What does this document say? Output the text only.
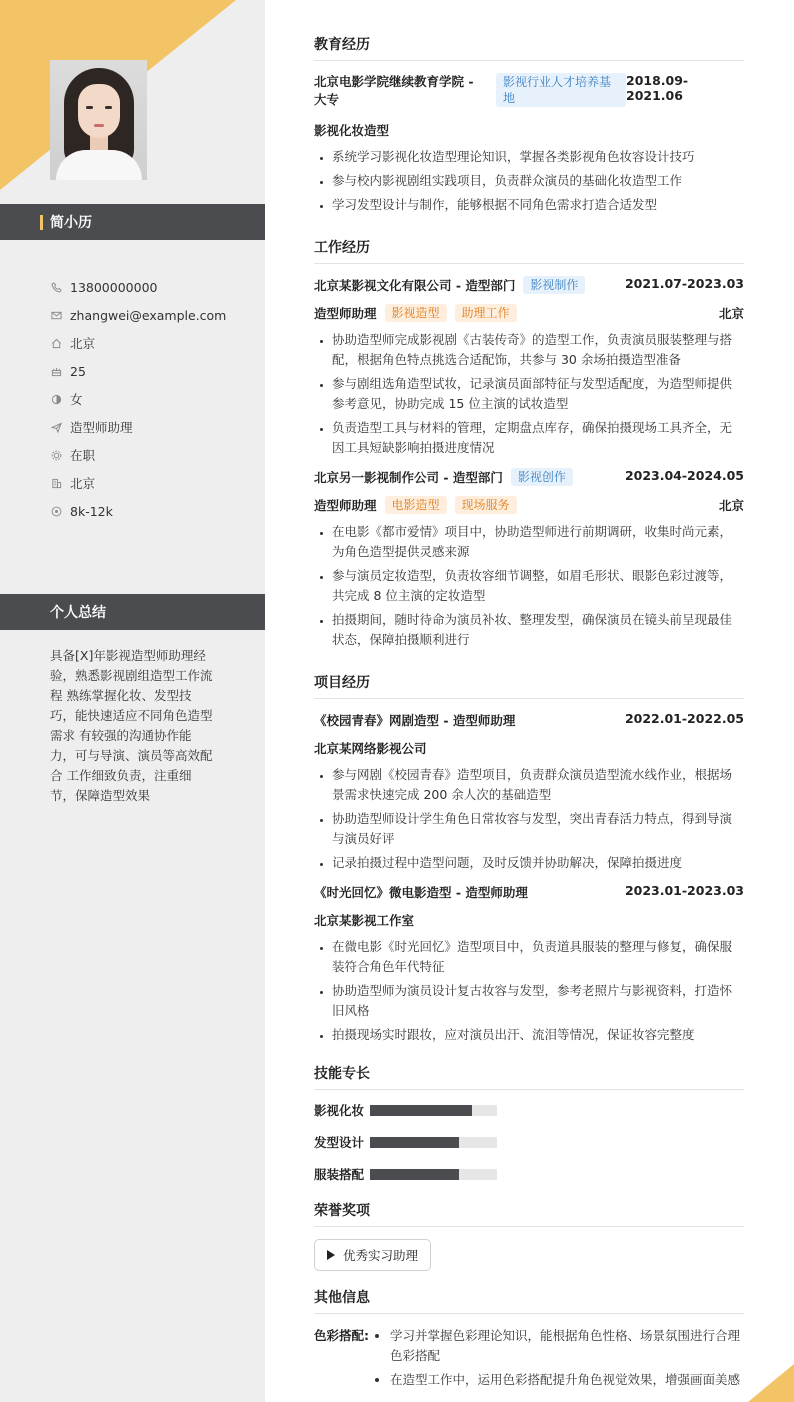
简小历
13800000000
zhangwei@example.com
北京
25
女
造型师助理
在职
北京
8k-12k
个人总结
具备[X]年影视造型师助理经验，熟悉影视剧组造型工作流程 熟练掌握化妆、发型技巧，能快速适应不同角色造型需求 有较强的沟通协作能力，可与导演、演员等高效配合 工作细致负责，注重细节，保障造型效果
教育经历
北京电影学院继续教育学院 - 大专
影视行业人才培养基地
2018.09-2021.06
影视化妆造型
• 系统学习影视化妆造型理论知识，掌握各类影视角色妆容设计技巧
• 参与校内影视剧组实践项目，负责群众演员的基础化妆造型工作
• 学习发型设计与制作，能够根据不同角色需求打造合适发型
工作经历
北京某影视文化有限公司 - 造型部门	影视制作	2021.07-2023.03
造型师助理	影视造型	助理工作	北京
• 协助造型师完成影视剧《古装传奇》的造型工作，负责演员服装整理与搭配，根据角色特点挑选合适配饰，共参与 30 余场拍摄造型准备
• 参与剧组选角造型试妆，记录演员面部特征与发型适配度，为造型师提供参考意见，协助完成 15 位主演的试妆造型
• 负责造型工具与材料的管理，定期盘点库存，确保拍摄现场工具齐全，无因工具短缺影响拍摄进度情况
北京另一影视制作公司 - 造型部门	影视创作	2023.04-2024.05
造型师助理	电影造型	现场服务	北京
• 在电影《都市爱情》项目中，协助造型师进行前期调研，收集时尚元素，为角色造型提供灵感来源
• 参与演员定妆造型，负责妆容细节调整，如眉毛形状、眼影色彩过渡等，共完成 8 位主演的定妆造型
• 拍摄期间，随时待命为演员补妆、整理发型，确保演员在镜头前呈现最佳状态，保障拍摄顺利进行
项目经历
《校园青春》网剧造型 - 造型师助理	2022.01-2022.05
北京某网络影视公司
• 参与网剧《校园青春》造型项目，负责群众演员造型流水线作业，根据场景需求快速完成 200 余人次的基础造型
• 协助造型师设计学生角色日常妆容与发型，突出青春活力特点，得到导演与演员好评
• 记录拍摄过程中造型问题，及时反馈并协助解决，保障拍摄进度
《时光回忆》微电影造型 - 造型师助理	2023.01-2023.03
北京某影视工作室
• 在微电影《时光回忆》造型项目中，负责道具服装的整理与修复，确保服装符合角色年代特征
• 协助造型师为演员设计复古妆容与发型，参考老照片与影视资料，打造怀旧风格
• 拍摄现场实时跟妆，应对演员出汗、流泪等情况，保证妆容完整度
技能专长
影视化妆
发型设计
服装搭配
荣誉奖项
优秀实习助理
其他信息
色彩搭配:
• 学习并掌握色彩理论知识，能根据角色性格、场景氛围进行合理色彩搭配
• 在造型工作中，运用色彩搭配提升角色视觉效果，增强画面美感
